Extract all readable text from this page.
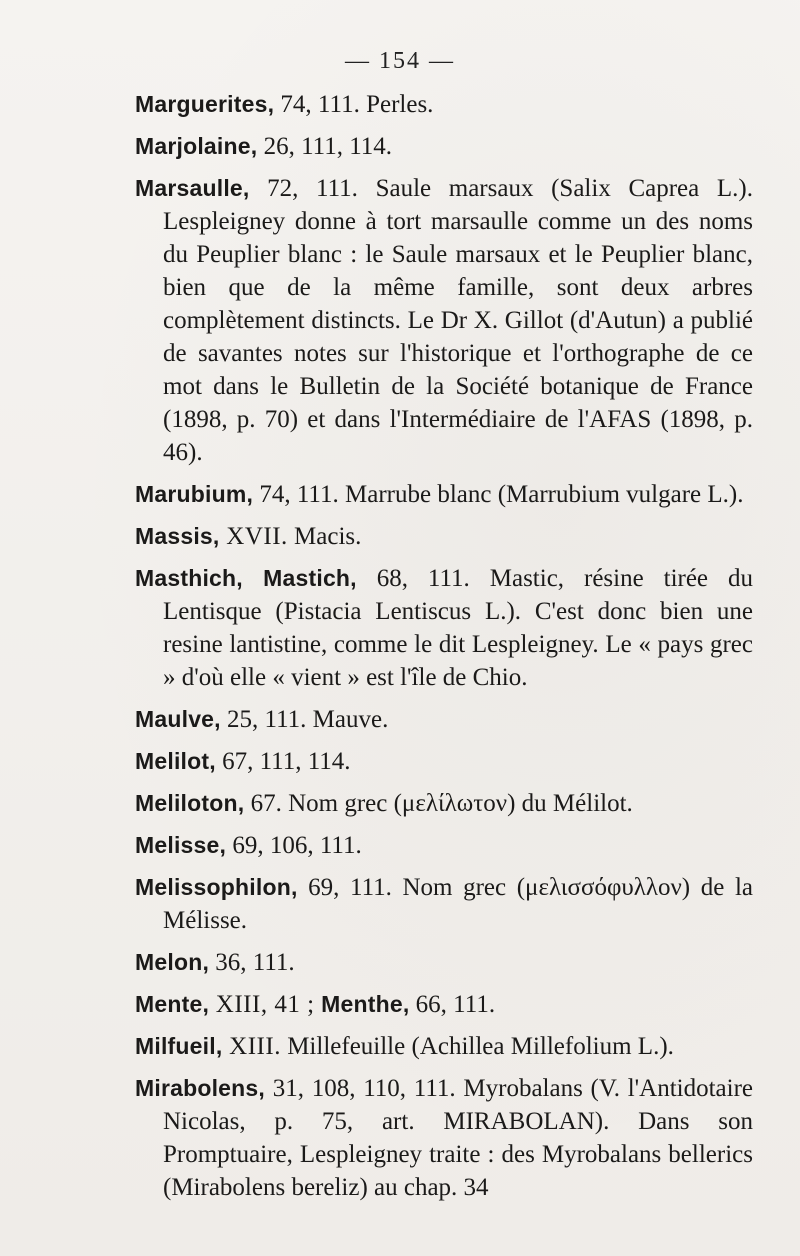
— 154 —
Marguerites, 74, 111. Perles.
Marjolaine, 26, 111, 114.
Marsaulle, 72, 111. Saule marsaux (Salix Caprea L.). Lespleigney donne à tort marsaulle comme un des noms du Peuplier blanc : le Saule marsaux et le Peuplier blanc, bien que de la même famille, sont deux arbres complètement distincts. Le Dr X. Gillot (d'Autun) a publié de savantes notes sur l'historique et l'orthographe de ce mot dans le Bulletin de la Société botanique de France (1898, p. 70) et dans l'Intermédiaire de l'AFAS (1898, p. 46).
Marubium, 74, 111. Marrube blanc (Marrubium vulgare L.).
Massis, XVII. Macis.
Masthich, Mastich, 68, 111. Mastic, résine tirée du Lentisque (Pistacia Lentiscus L.). C'est donc bien une resine lantistine, comme le dit Lespleigney. Le « pays grec » d'où elle « vient » est l'île de Chio.
Maulve, 25, 111. Mauve.
Melilot, 67, 111, 114.
Meliloton, 67. Nom grec (μελίλωτον) du Mélilot.
Melisse, 69, 106, 111.
Melissophilon, 69, 111. Nom grec (μελισσόφυλλον) de la Mélisse.
Melon, 36, 111.
Mente, XIII, 41 ; Menthe, 66, 111.
Milfueil, XIII. Millefeuille (Achillea Millefolium L.).
Mirabolens, 31, 108, 110, 111. Myrobalans (V. l'Antidotaire Nicolas, p. 75, art. MIRABOLAN). Dans son Promptuaire, Lespleigney traite : des Myrobalans bellerics (Mirabolens bereliz) au chap. 34
